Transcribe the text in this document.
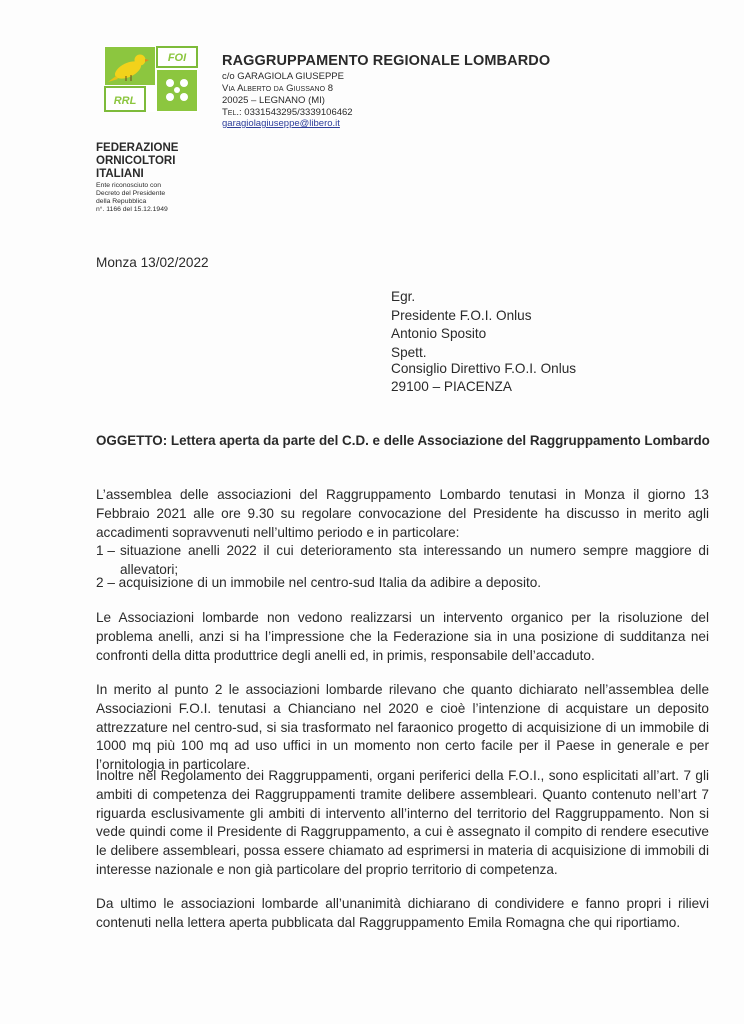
FOI
RRL
RAGGRUPPAMENTO REGIONALE LOMBARDO
c/o GARAGIOLA GIUSEPPE
Via Alberto da Giussano 8
20025 – LEGNANO (MI)
Tel.: 0331543295/3339106462
garagiolagiuseppe@libero.it
FEDERAZIONE
ORNICOLTORI
ITALIANI
Ente riconosciuto con
Decreto del Presidente
della Repubblica
n°. 1166 del 15.12.1949
Monza 13/02/2022
Egr.
Presidente F.O.I. Onlus
Antonio Sposito
Spett.
Consiglio Direttivo F.O.I. Onlus
29100 – PIACENZA
OGGETTO: Lettera aperta da parte del C.D. e delle Associazione del Raggruppamento Lombardo
L’assemblea delle associazioni del Raggruppamento Lombardo tenutasi in Monza il giorno 13 Febbraio 2021 alle ore 9.30 su regolare convocazione del Presidente ha discusso in merito agli accadimenti sopravvenuti nell’ultimo periodo e in particolare:
1 – situazione anelli 2022 il cui deterioramento sta interessando un numero sempre maggiore di allevatori;
2 – acquisizione di un immobile nel centro-sud Italia da adibire a deposito.
Le Associazioni lombarde non vedono realizzarsi un intervento organico per la risoluzione del problema anelli, anzi si ha l’impressione che la Federazione sia in una posizione di sudditanza nei confronti della ditta produttrice degli anelli ed, in primis, responsabile dell’accaduto.
In merito al punto 2 le associazioni lombarde rilevano che quanto dichiarato nell’assemblea delle Associazioni F.O.I. tenutasi a Chianciano nel 2020 e cioè l’intenzione di acquistare un deposito attrezzature nel centro-sud, si sia trasformato nel faraonico progetto di acquisizione di un immobile di 1000 mq più 100 mq ad uso uffici in un momento non certo facile per il Paese in generale e per l’ornitologia in particolare.
Inoltre nel Regolamento dei Raggruppamenti, organi periferici della F.O.I., sono esplicitati all’art. 7 gli ambiti di competenza dei Raggruppamenti tramite delibere assembleari. Quanto contenuto nell’art 7 riguarda esclusivamente gli ambiti di intervento all’interno del territorio del Raggruppamento. Non si vede quindi come il Presidente di Raggruppamento, a cui è assegnato il compito di rendere esecutive le delibere assembleari, possa essere chiamato ad esprimersi in materia di acquisizione di immobili di interesse nazionale e non già particolare del proprio territorio di competenza.
Da ultimo le associazioni lombarde all’unanimità dichiarano di condividere e fanno propri i rilievi contenuti nella lettera aperta pubblicata dal Raggruppamento Emila Romagna che qui riportiamo.
